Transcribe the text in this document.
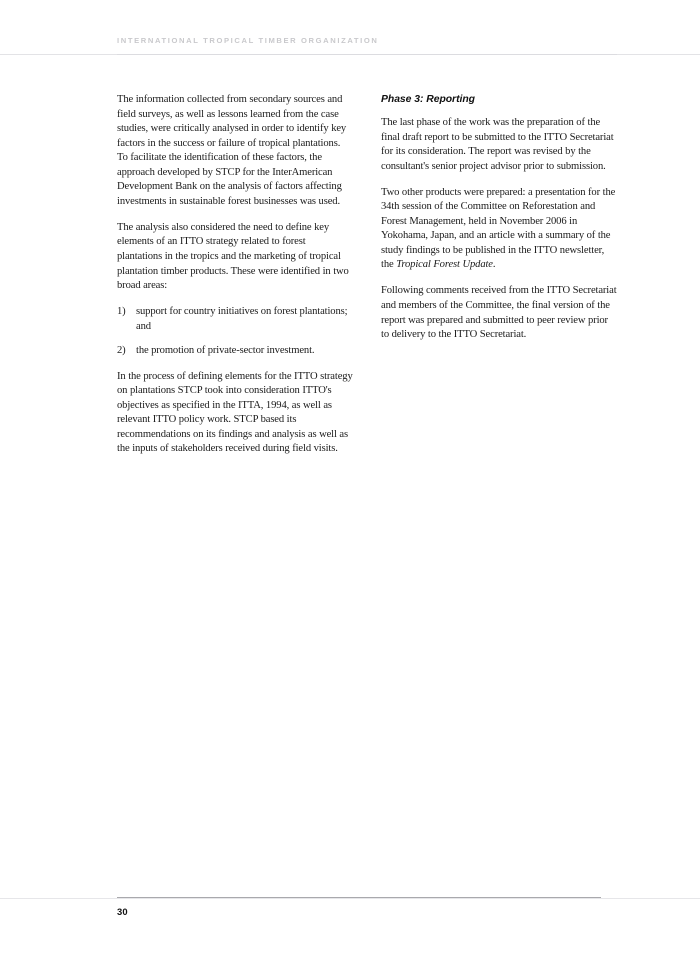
INTERNATIONAL TROPICAL TIMBER ORGANIZATION

The information collected from secondary sources and field surveys, as well as lessons learned from the case studies, were critically analysed in order to identify key factors in the success or failure of tropical plantations. To facilitate the identification of these factors, the approach developed by STCP for the InterAmerican Development Bank on the analysis of factors affecting investments in sustainable forest businesses was used.

The analysis also considered the need to define key elements of an ITTO strategy related to forest plantations in the tropics and the marketing of tropical plantation timber products. These were identified in two broad areas:

1) support for country initiatives on forest plantations; and
2) the promotion of private-sector investment.

In the process of defining elements for the ITTO strategy on plantations STCP took into consideration ITTO's objectives as specified in the ITTA, 1994, as well as relevant ITTO policy work. STCP based its recommendations on its findings and analysis as well as the inputs of stakeholders received during field visits.

Phase 3: Reporting

The last phase of the work was the preparation of the final draft report to be submitted to the ITTO Secretariat for its consideration. The report was revised by the consultant's senior project advisor prior to submission.

Two other products were prepared: a presentation for the 34th session of the Committee on Reforestation and Forest Management, held in November 2006 in Yokohama, Japan, and an article with a summary of the study findings to be published in the ITTO newsletter, the Tropical Forest Update.

Following comments received from the ITTO Secretariat and members of the Committee, the final version of the report was prepared and submitted to peer review prior to delivery to the ITTO Secretariat.

30
